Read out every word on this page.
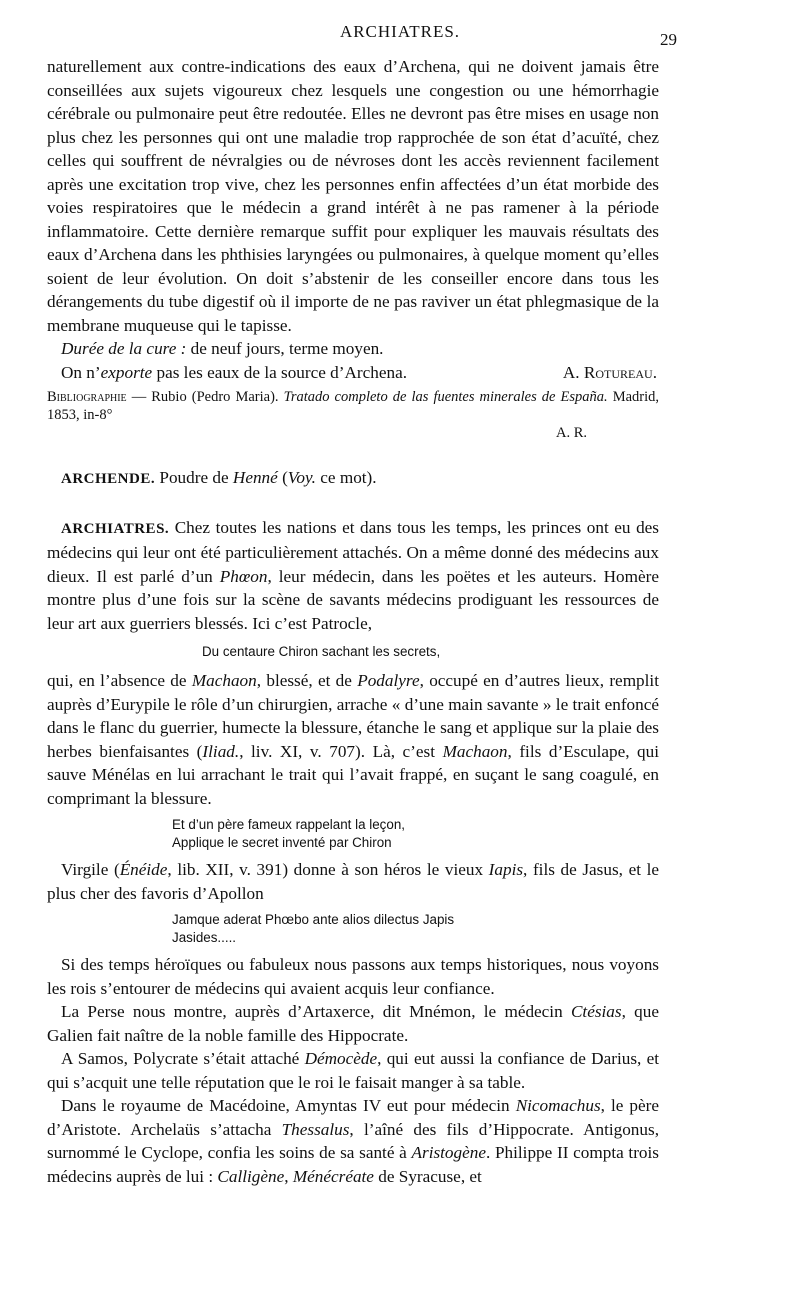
ARCHIATRES.	29

naturellement aux contre-indications des eaux d’Archena, qui ne doivent jamais être conseillées aux sujets vigoureux chez lesquels une congestion ou une hémorrhagie cérébrale ou pulmonaire peut être redoutée. Elles ne devront pas être mises en usage non plus chez les personnes qui ont une maladie trop rapprochée de son état d’acuïté, chez celles qui souffrent de névralgies ou de névroses dont les accès reviennent facilement après une excitation trop vive, chez les personnes enfin affectées d’un état morbide des voies respiratoires que le médecin a grand intérêt à ne pas ramener à la période inflammatoire. Cette dernière remarque suffit pour expliquer les mauvais résultats des eaux d’Archena dans les phthisies laryngées ou pulmonaires, à quelque moment qu’elles soient de leur évolution. On doit s’abstenir de les conseiller encore dans tous les dérangements du tube digestif où il importe de ne pas raviver un état phlegmasique de la membrane muqueuse qui le tapisse.

Durée de la cure : de neuf jours, terme moyen.

On n’exporte pas les eaux de la source d’Archena.	A. Rotureau.

Bibliographie — Rubio (Pedro Maria). Tratado completo de las fuentes minerales de España. Madrid, 1853, in-8°

A. R.

ARCHENDE. Poudre de Henné (Voy. ce mot).

ARCHIATRES. Chez toutes les nations et dans tous les temps, les princes ont eu des médecins qui leur ont été particulièrement attachés. On a même donné des médecins aux dieux. Il est parlé d’un Phœon, leur médecin, dans les poëtes et les auteurs. Homère montre plus d’une fois sur la scène de savants médecins prodiguant les ressources de leur art aux guerriers blessés. Ici c’est Patrocle,

Du centaure Chiron sachant les secrets,

qui, en l’absence de Machaon, blessé, et de Podalyre, occupé en d’autres lieux, remplit auprès d’Eurypile le rôle d’un chirurgien, arrache « d’une main savante » le trait enfoncé dans le flanc du guerrier, humecte la blessure, étanche le sang et applique sur la plaie des herbes bienfaisantes (Iliad., liv. XI, v. 707). Là, c’est Machaon, fils d’Esculape, qui sauve Ménélas en lui arrachant le trait qui l’avait frappé, en suçant le sang coagulé, en comprimant la blessure.

Et d’un père fameux rappelant la leçon,
Applique le secret inventé par Chiron

Virgile (Énéide, lib. XII, v. 391) donne à son héros le vieux Iapis, fils de Jasus, et le plus cher des favoris d’Apollon

Jamque aderat Phœbo ante alios dilectus Japis
Jasides.....

Si des temps héroïques ou fabuleux nous passons aux temps historiques, nous voyons les rois s’entourer de médecins qui avaient acquis leur confiance.

La Perse nous montre, auprès d’Artaxerce, dit Mnémon, le médecin Ctésias, que Galien fait naître de la noble famille des Hippocrate.

A Samos, Polycrate s’était attaché Démocède, qui eut aussi la confiance de Darius, et qui s’acquit une telle réputation que le roi le faisait manger à sa table.

Dans le royaume de Macédoine, Amyntas IV eut pour médecin Nicomachus, le père d’Aristote. Archelaüs s’attacha Thessalus, l’aîné des fils d’Hippocrate. Antigonus, surnommé le Cyclope, confia les soins de sa santé à Aristogène. Philippe II compta trois médecins auprès de lui : Calligène, Ménécréate de Syracuse, et
